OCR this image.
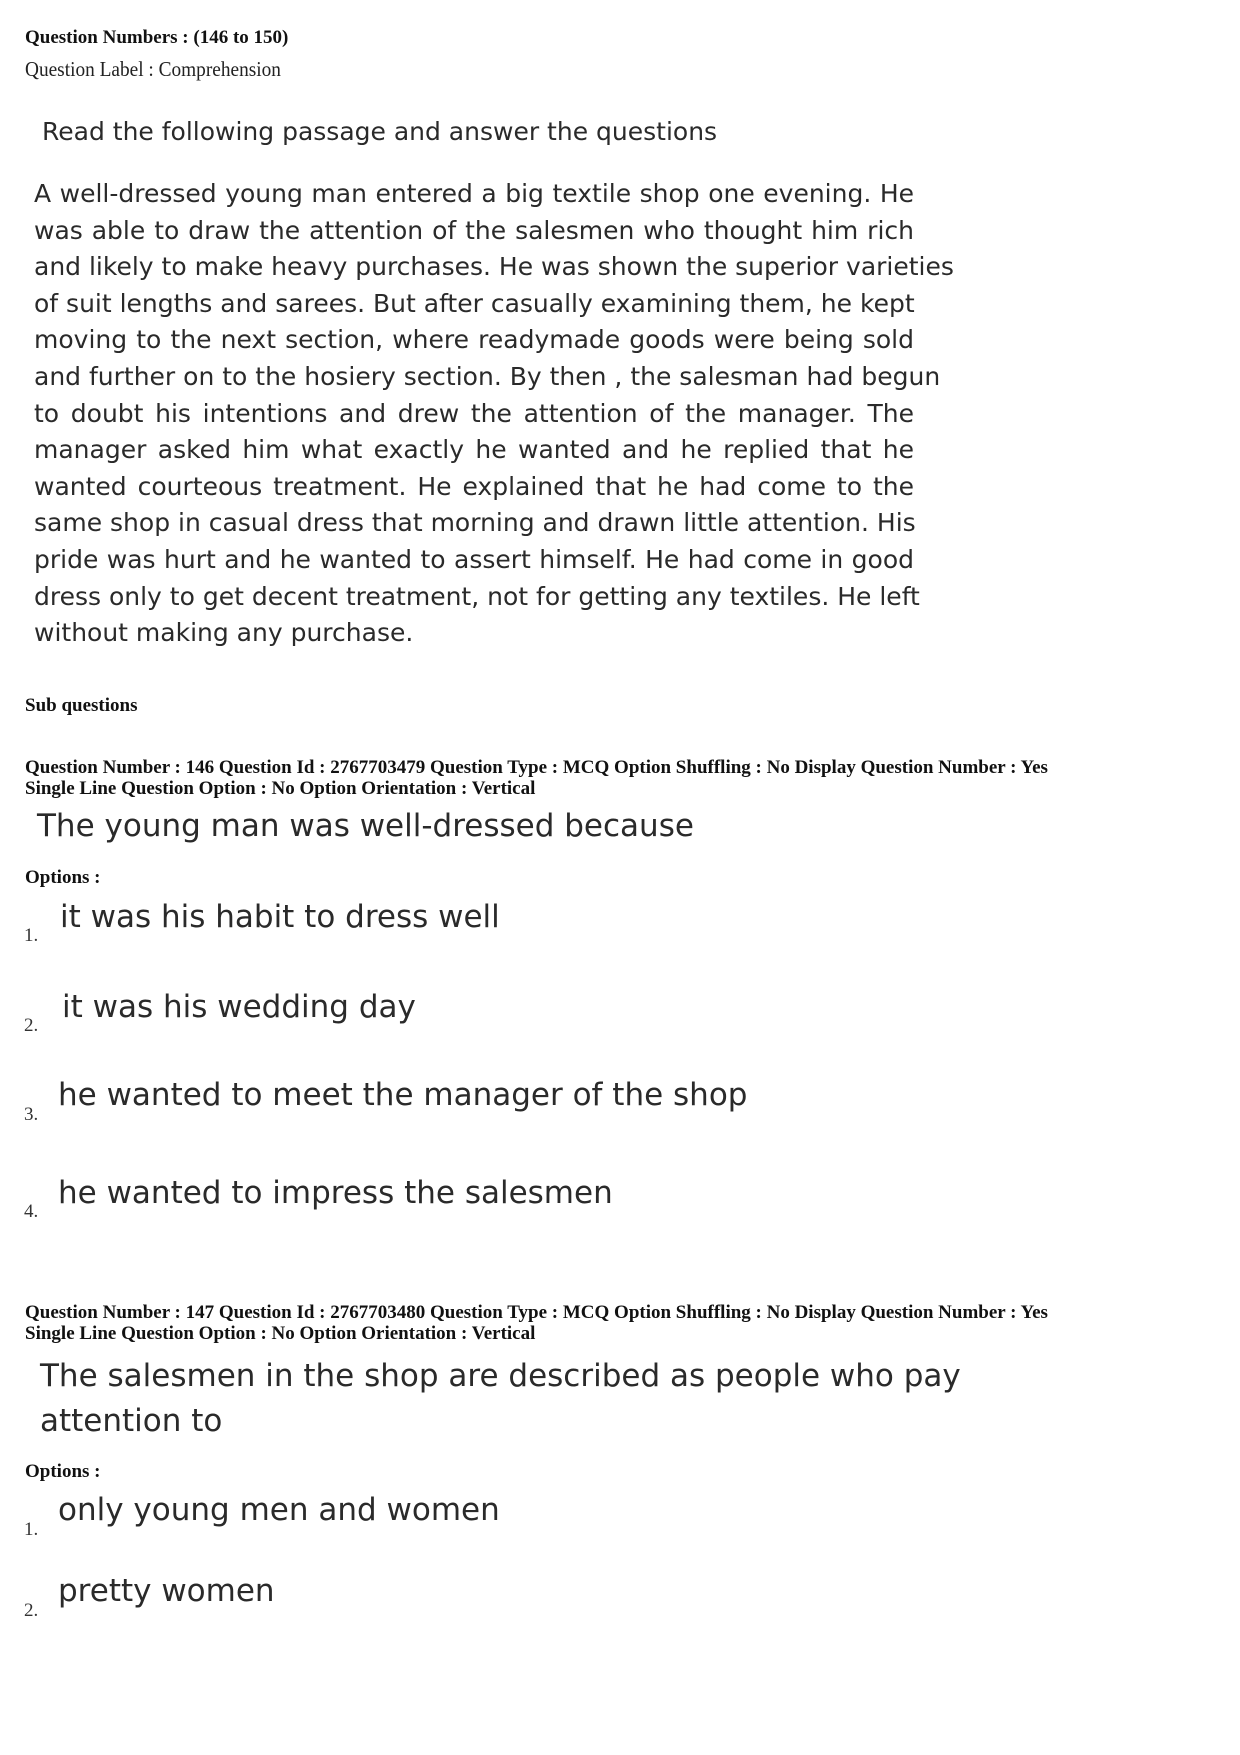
Question Numbers : (146 to 150)
Question Label : Comprehension
Read the following passage and answer the questions
A well-dressed young man entered a big textile shop one evening. He
was able to draw the attention of the salesmen who thought him rich
and likely to make heavy purchases. He was shown the superior varieties
of suit lengths and sarees. But after casually examining them, he kept
moving to the next section, where readymade goods were being sold
and further on to the hosiery section. By then , the salesman had begun
to doubt his intentions and drew the attention of the manager. The
manager asked him what exactly he wanted and he replied that he
wanted courteous treatment. He explained that he had come to the
same shop in casual dress that morning and drawn little attention. His
pride was hurt and he wanted to assert himself. He had come in good
dress only to get decent treatment, not for getting any textiles. He left
without making any purchase.
Sub questions
Question Number : 146 Question Id : 2767703479 Question Type : MCQ Option Shuffling : No Display Question Number : Yes
Single Line Question Option : No Option Orientation : Vertical
The young man was well-dressed because
Options :
1.
it was his habit to dress well
2.
it was his wedding day
3.
he wanted to meet the manager of the shop
4.
he wanted to impress the salesmen
Question Number : 147 Question Id : 2767703480 Question Type : MCQ Option Shuffling : No Display Question Number : Yes
Single Line Question Option : No Option Orientation : Vertical
The salesmen in the shop are described as people who pay
attention to
Options :
1.
only young men and women
2.
pretty women
